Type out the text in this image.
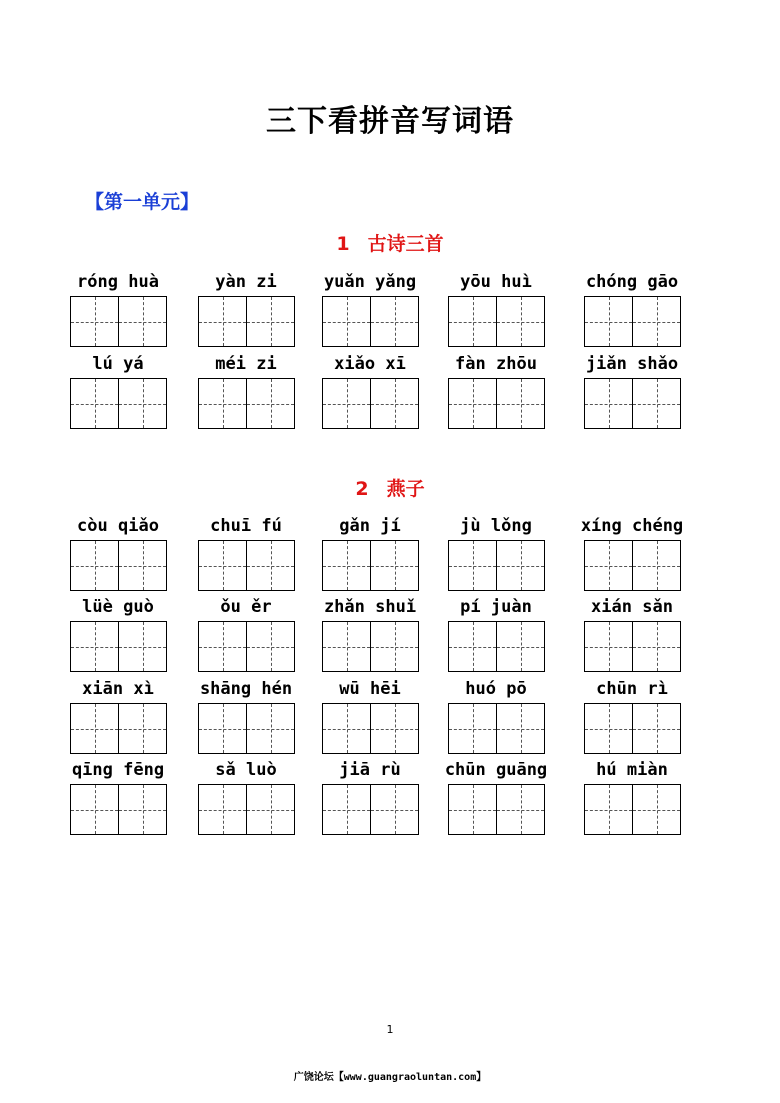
三下看拼音写词语
【第一单元】
1 古诗三首
róng huà	yàn zi	yuǎn yǎng	yōu huì	chóng gāo
lú yá	méi zi	xiǎo xī	fàn zhōu	jiǎn shǎo
2 燕子
còu qiǎo	chuī fú	gǎn jí	jù lǒng	xíng chéng
lüè guò	ǒu ěr	zhǎn shuǐ	pí juàn	xián sǎn
xiān xì	shāng hén	wū hēi	huó pō	chūn rì
qīng fēng	sǎ luò	jiā rù	chūn guāng	hú miàn
1
广饶论坛【www.guangraoluntan.com】
